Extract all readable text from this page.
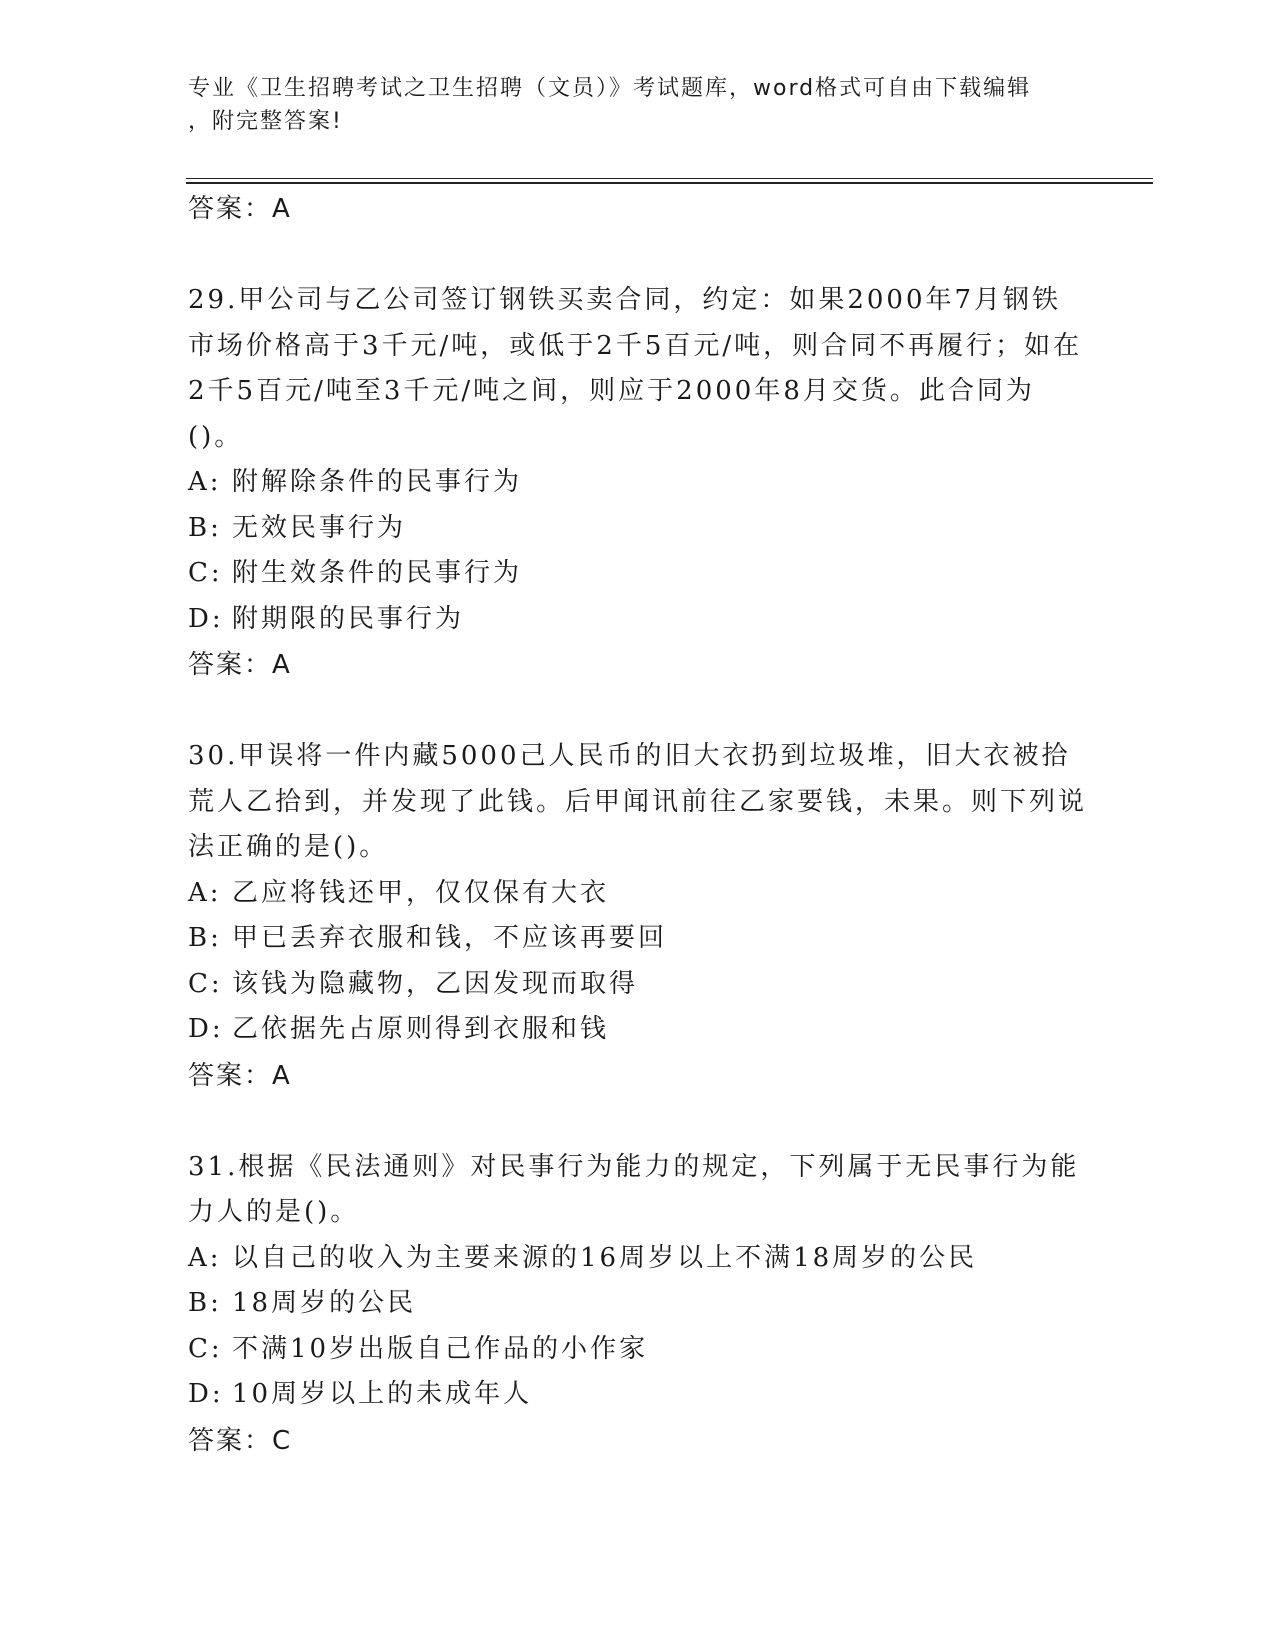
专业《卫生招聘考试之卫生招聘（文员）》考试题库，word格式可自由下载编辑
，附完整答案!

答案：A

29.甲公司与乙公司签订钢铁买卖合同，约定：如果2000年7月钢铁市场价格高于3千元/吨，或低于2千5百元/吨，则合同不再履行；如在2千5百元/吨至3千元/吨之间，则应于2000年8月交货。此合同为()。

A: 附解除条件的民事行为

B: 无效民事行为

C: 附生效条件的民事行为

D: 附期限的民事行为

答案：A

30.甲误将一件内藏5000己人民币的旧大衣扔到垃圾堆，旧大衣被拾荒人乙拾到，并发现了此钱。后甲闻讯前往乙家要钱，未果。则下列说法正确的是()。

A: 乙应将钱还甲，仅仅保有大衣

B: 甲已丢弃衣服和钱，不应该再要回

C: 该钱为隐藏物，乙因发现而取得

D: 乙依据先占原则得到衣服和钱

答案：A

31.根据《民法通则》对民事行为能力的规定，下列属于无民事行为能力人的是()。

A: 以自己的收入为主要来源的16周岁以上不满18周岁的公民

B: 18周岁的公民

C: 不满10岁出版自己作品的小作家

D: 10周岁以上的未成年人

答案：C
